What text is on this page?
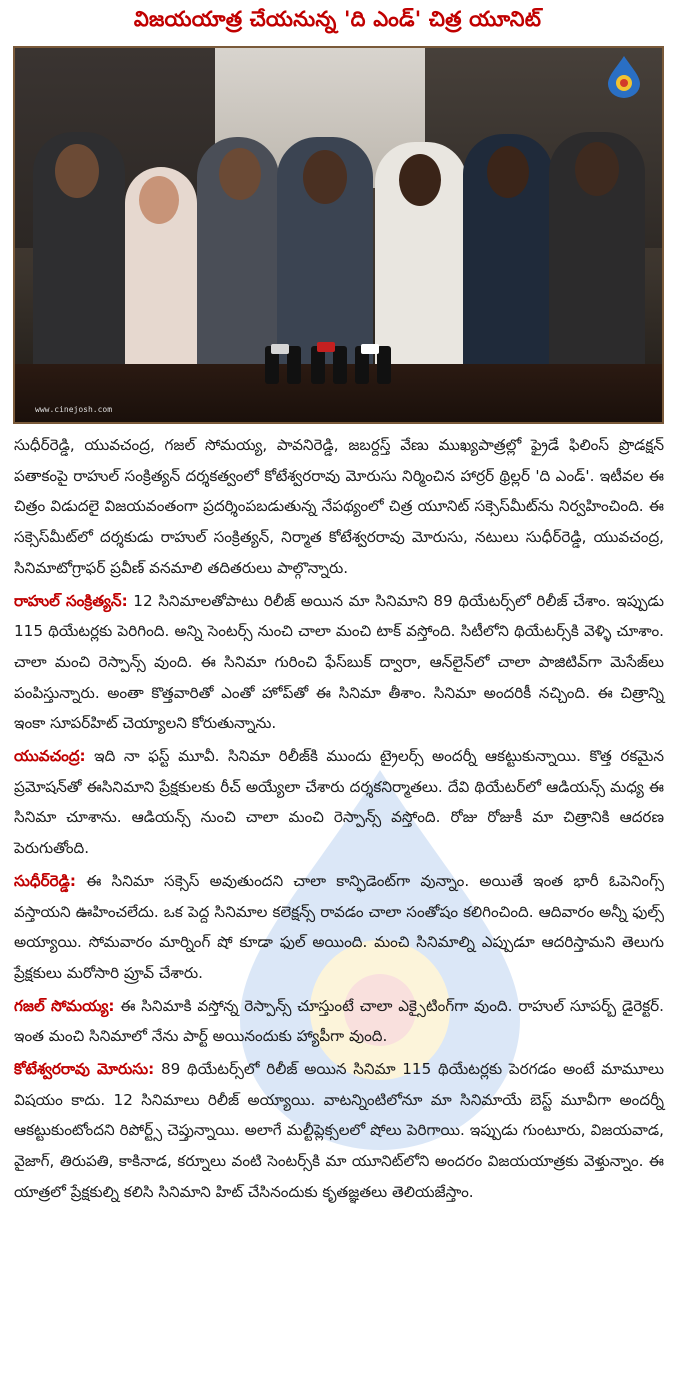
విజయయాత్ర చేయనున్న 'ది ఎండ్' చిత్ర యూనిట్
www.cinejosh.com

సుధీర్‌రెడ్డి, యువచంద్ర, గజల్ సోమయ్య, పావనిరెడ్డి, జబర్దస్త్ వేణు ముఖ్యపాత్రల్లో ఫ్రైడే ఫిలింస్ ప్రొడక్షన్ పతాకంపై రాహుల్ సంక్రిత్యన్ దర్శకత్వంలో కోటేశ్వరరావు మోరుసు నిర్మించిన హార్రర్ థ్రిల్లర్ 'ది ఎండ్'. ఇటీవల ఈ చిత్రం విడుదలై విజయవంతంగా ప్రదర్శింపబడుతున్న నేపథ్యంలో చిత్ర యూనిట్ సక్సెస్‌మీట్‌ను నిర్వహించింది. ఈ సక్సెస్‌మీట్‌లో దర్శకుడు రాహుల్ సంక్రిత్యన్, నిర్మాత కోటేశ్వరరావు మోరుసు, నటులు సుధీర్‌రెడ్డి, యువచంద్ర, సినిమాటోగ్రాఫర్ ప్రవీణ్ వనమాలి తదితరులు పాల్గొన్నారు.

రాహుల్ సంక్రిత్యన్: 12 సినిమాలతోపాటు రిలీజ్ అయిన మా సినిమాని 89 థియేటర్స్‌లో రిలీజ్ చేశాం. ఇప్పుడు 115 థియేటర్లకు పెరిగింది. అన్ని సెంటర్స్ నుంచి చాలా మంచి టాక్ వస్తోంది. సిటీలోని థియేటర్స్‌కి వెళ్ళి చూశాం. చాలా మంచి రెస్పాన్స్ వుంది. ఈ సినిమా గురించి ఫేస్‌బుక్ ద్వారా, ఆన్‌లైన్‌లో చాలా పాజిటివ్‌గా మెసేజ్‌లు పంపిస్తున్నారు. అంతా కొత్తవారితో ఎంతో హోప్‌తో ఈ సినిమా తీశాం. సినిమా అందరికీ నచ్చింది. ఈ చిత్రాన్ని ఇంకా సూపర్‌హిట్ చెయ్యాలని కోరుతున్నాను.

యువచంద్ర: ఇది నా ఫస్ట్ మూవీ. సినిమా రిలీజ్‌కి ముందు ట్రైలర్స్ అందర్నీ ఆకట్టుకున్నాయి. కొత్త రకమైన ప్రమోషన్‌తో ఈసినిమాని ప్రేక్షకులకు రీచ్ అయ్యేలా చేశారు దర్శకనిర్మాతలు. దేవి థియేటర్‌లో ఆడియన్స్ మధ్య ఈ సినిమా చూశాను. ఆడియన్స్ నుంచి చాలా మంచి రెస్పాన్స్ వస్తోంది. రోజు రోజుకీ మా చిత్రానికి ఆదరణ పెరుగుతోంది.

సుధీర్‌రెడ్డి: ఈ సినిమా సక్సెస్ అవుతుందని చాలా కాన్ఫిడెంట్‌గా వున్నాం. అయితే ఇంత భారీ ఓపెనింగ్స్ వస్తాయని ఊహించలేదు. ఒక పెద్ద సినిమాల కలెక్షన్స్ రావడం చాలా సంతోషం కలిగించింది. ఆదివారం అన్నీ ఫుల్స్ అయ్యాయి. సోమవారం మార్నింగ్ షో కూడా ఫుల్ అయింది. మంచి సినిమాల్ని ఎప్పుడూ ఆదరిస్తామని తెలుగు ప్రేక్షకులు మరోసారి ప్రూవ్ చేశారు.

గజల్ సోమయ్య: ఈ సినిమాకి వస్తోన్న రెస్పాన్స్ చూస్తుంటే చాలా ఎక్సైటింగ్‌గా వుంది. రాహుల్ సూపర్బ్ డైరెక్టర్. ఇంత మంచి సినిమాలో నేను పార్ట్ అయినందుకు హ్యాపీగా వుంది.

కోటేశ్వరరావు మోరుసు: 89 థియేటర్స్‌లో రిలీజ్ అయిన సినిమా 115 థియేటర్లకు పెరగడం అంటే మామూలు విషయం కాదు. 12 సినిమాలు రిలీజ్ అయ్యాయి. వాటన్నింటిలోనూ మా సినిమాయే బెస్ట్ మూవీగా అందర్నీ ఆకట్టుకుంటోందని రిపోర్ట్స్ చెప్తున్నాయి. అలాగే మల్టీప్లెక్సలలో షోలు పెరిగాయి. ఇప్పుడు గుంటూరు, విజయవాడ, వైజాగ్, తిరుపతి, కాకినాడ, కర్నూలు వంటి సెంటర్స్‌కి మా యూనిట్‌లోని అందరం విజయయాత్రకు వెళ్తున్నాం. ఈ యాత్రలో ప్రేక్షకుల్ని కలిసి సినిమాని హిట్ చేసినందుకు కృతజ్ఞతలు తెలియజేస్తాం.
